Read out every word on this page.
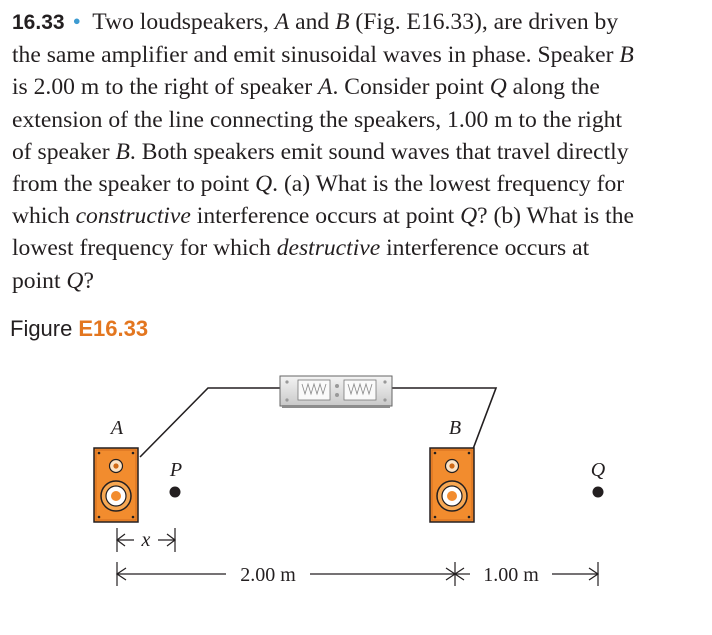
16.33 • Two loudspeakers, A and B (Fig. E16.33), are driven by
the same amplifier and emit sinusoidal waves in phase. Speaker B
is 2.00 m to the right of speaker A. Consider point Q along the
extension of the line connecting the speakers, 1.00 m to the right
of speaker B. Both speakers emit sound waves that travel directly
from the speaker to point Q. (a) What is the lowest frequency for
which constructive interference occurs at point Q? (b) What is the
lowest frequency for which destructive interference occurs at
point Q?
Figure E16.33
A
P
B
Q
x
2.00 m	1.00 m
